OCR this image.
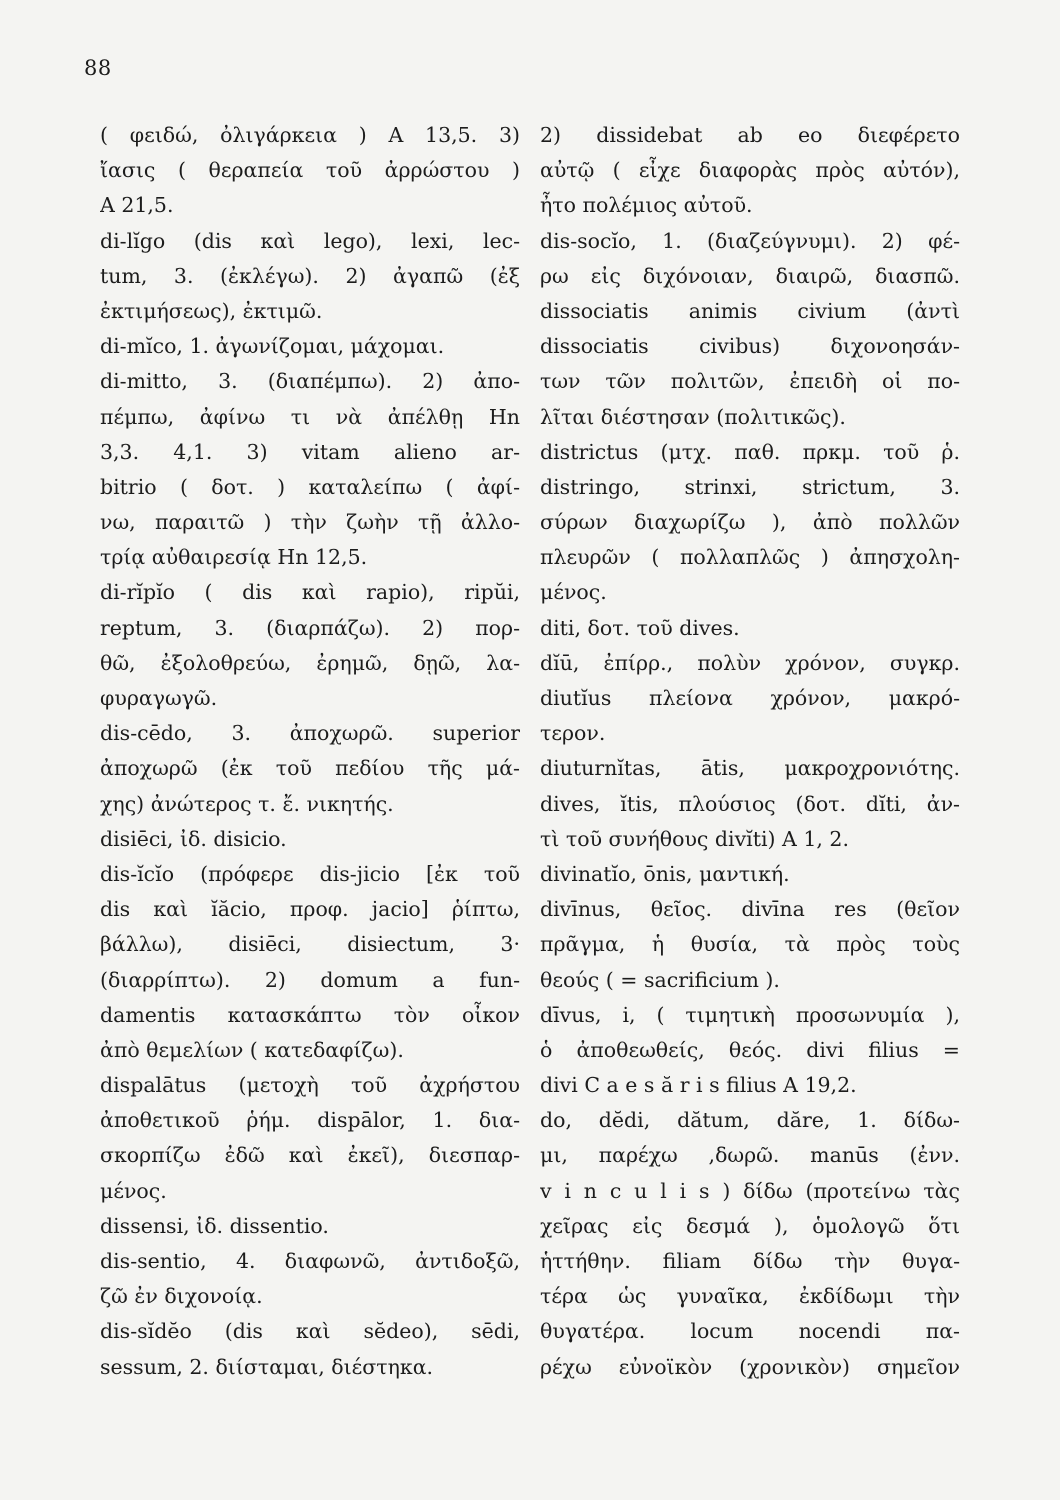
88
( φειδώ, ὀλιγάρκεια ) Α 13,5. 3)
ἴασις ( θεραπεία τοῦ ἀρρώστου )
Α 21,5.
di-lĭgo (dis καὶ lego), lexi, lec-
tum, 3. (ἐκλέγω). 2) ἀγαπῶ (ἐξ
ἐκτιμήσεως), ἐκτιμῶ.
di-mĭco, 1. ἀγωνίζομαι, μάχομαι.
di-mitto, 3. (διαπέμπω). 2) ἀπο-
πέμπω, ἀφίνω τι νὰ ἀπέλθῃ Hn
3,3. 4,1. 3) vitam alieno ar-
bitrio ( δοτ. ) καταλείπω ( ἀφί-
νω, παραιτῶ ) τὴν ζωὴν τῇ ἀλλο-
τρίᾳ αὐθαιρεσίᾳ Hn 12,5.
di-rĭpĭo ( dis καὶ rapio), ripŭi,
reptum, 3. (διαρπάζω). 2) πορ-
θῶ, ἐξολοθρεύω, ἐρημῶ, δῃῶ, λα-
φυραγωγῶ.
dis-cēdo, 3. ἀποχωρῶ. superior
ἀποχωρῶ (ἐκ τοῦ πεδίου τῆς μά-
χης) ἀνώτερος τ. ἔ. νικητής.
disiēci, ἰδ. disicio.
dis-ĭcĭo (πρόφερε dis-jicio [ἐκ τοῦ
dis καὶ ĭăcio, προφ. jacio] ῥίπτω,
βάλλω), disiēci, disiectum, 3·
(διαρρίπτω). 2) domum a fun-
damentis κατασκάπτω τὸν οἶκον
ἀπὸ θεμελίων ( κατεδαφίζω).
dispalātus (μετοχὴ τοῦ ἀχρήστου
ἀποθετικοῦ ῥήμ. dispālor, 1. δια-
σκορπίζω ἐδῶ καὶ ἐκεῖ), διεσπαρ-
μένος.
dissensi, ἰδ. dissentio.
dis-sentio, 4. διαφωνῶ, ἀντιδοξῶ,
ζῶ ἐν διχονοίᾳ.
dis-sĭdĕo (dis καὶ sĕdeo), sēdi,
sessum, 2. διίσταμαι, διέστηκα.
2) dissidebat ab eo διεφέρετο
αὐτῷ ( εἶχε διαφορὰς πρὸς αὐτόν),
ἦτο πολέμιος αὐτοῦ.
dis-socĭo, 1. (διαζεύγνυμι). 2) φέ-
ρω εἰς διχόνοιαν, διαιρῶ, διασπῶ.
dissociatis animis civium (ἀντὶ
dissociatis civibus) διχονοησάν-
των τῶν πολιτῶν, ἐπειδὴ οἱ πο-
λῖται διέστησαν (πολιτικῶς).
districtus (μτχ. παθ. πρκμ. τοῦ ῥ.
distringo, strinxi, strictum, 3.
σύρων διαχωρίζω ), ἀπὸ πολλῶν
πλευρῶν ( πολλαπλῶς ) ἀπησχολη-
μένος.
diti, δοτ. τοῦ dives.
dĭū, ἐπίρρ., πολὺν χρόνον, συγκρ.
diutĭus πλείονα χρόνον, μακρό-
τερον.
diuturnĭtas, ātis, μακροχρονιότης.
dives, ĭtis, πλούσιος (δοτ. dĭti, ἀν-
τὶ τοῦ συνήθους divĭti) Α 1, 2.
divinatĭo, ōnis, μαντική.
divīnus, θεῖος. divīna res (θεῖον
πρᾶγμα, ἡ θυσία, τὰ πρὸς τοὺς
θεούς ( = sacrificium ).
dīvus, i, ( τιμητικὴ προσωνυμία ),
ὁ ἀποθεωθείς, θεός. divi filius =
divi C a e s ă r i s filius Α 19,2.
do, dĕdi, dătum, dăre, 1. δίδω-
μι, παρέχω ,δωρῶ. manūs (ἐνν.
v i n c u l i s ) δίδω (προτείνω τὰς
χεῖρας εἰς δεσμά ), ὁμολογῶ ὅτι
ἡττήθην. filiam δίδω τὴν θυγα-
τέρα ὡς γυναῖκα, ἐκδίδωμι τὴν
θυγατέρα. locum nocendi πα-
ρέχω εὐνοϊκὸν (χρονικὸν) σημεῖον
